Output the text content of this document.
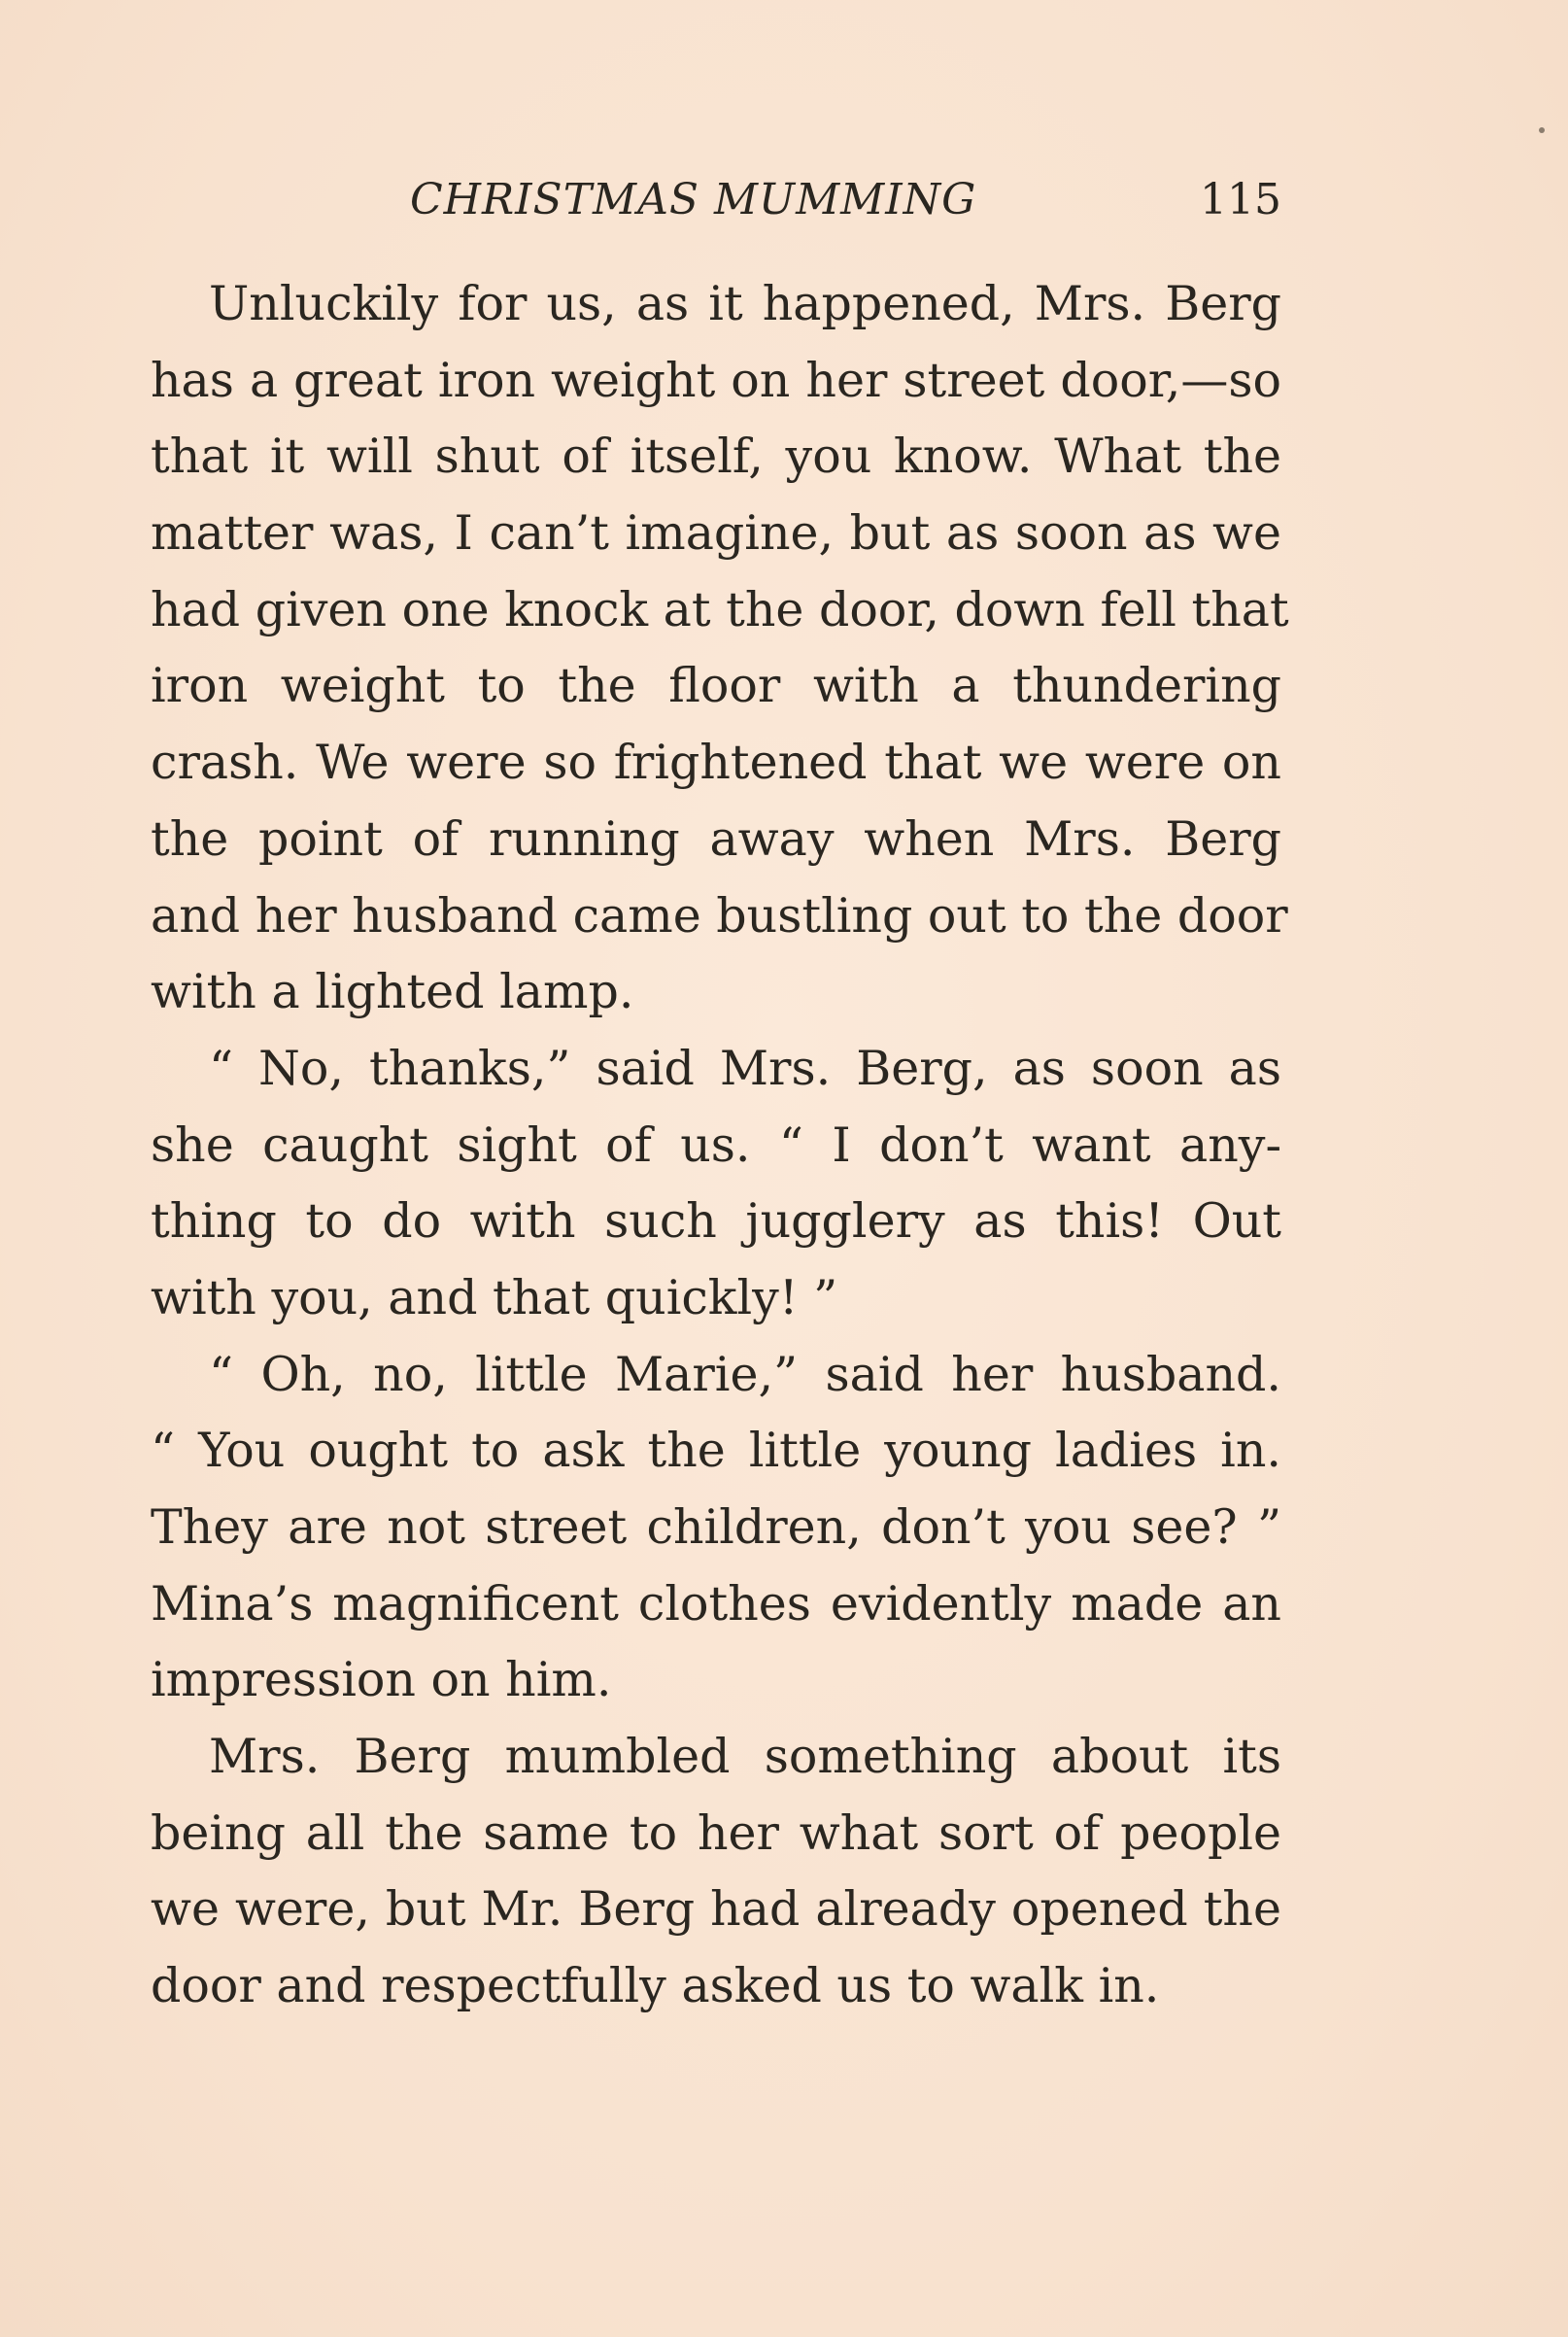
CHRISTMAS MUMMING	115
Unluckily for us, as it happened, Mrs. Berg
has a great iron weight on her street door,—so
that it will shut of itself, you know. What the
matter was, I can’t imagine, but as soon as we
had given one knock at the door, down fell that
iron weight to the floor with a thundering
crash. We were so frightened that we were on
the point of running away when Mrs. Berg
and her husband came bustling out to the door
with a lighted lamp.
“ No, thanks,” said Mrs. Berg, as soon as
she caught sight of us. “ I don’t want any-
thing to do with such jugglery as this! Out
with you, and that quickly! ”
“ Oh, no, little Marie,” said her husband.
“ You ought to ask the little young ladies in.
They are not street children, don’t you see? ”
Mina’s magnificent clothes evidently made an
impression on him.
Mrs. Berg mumbled something about its
being all the same to her what sort of people
we were, but Mr. Berg had already opened the
door and respectfully asked us to walk in.
